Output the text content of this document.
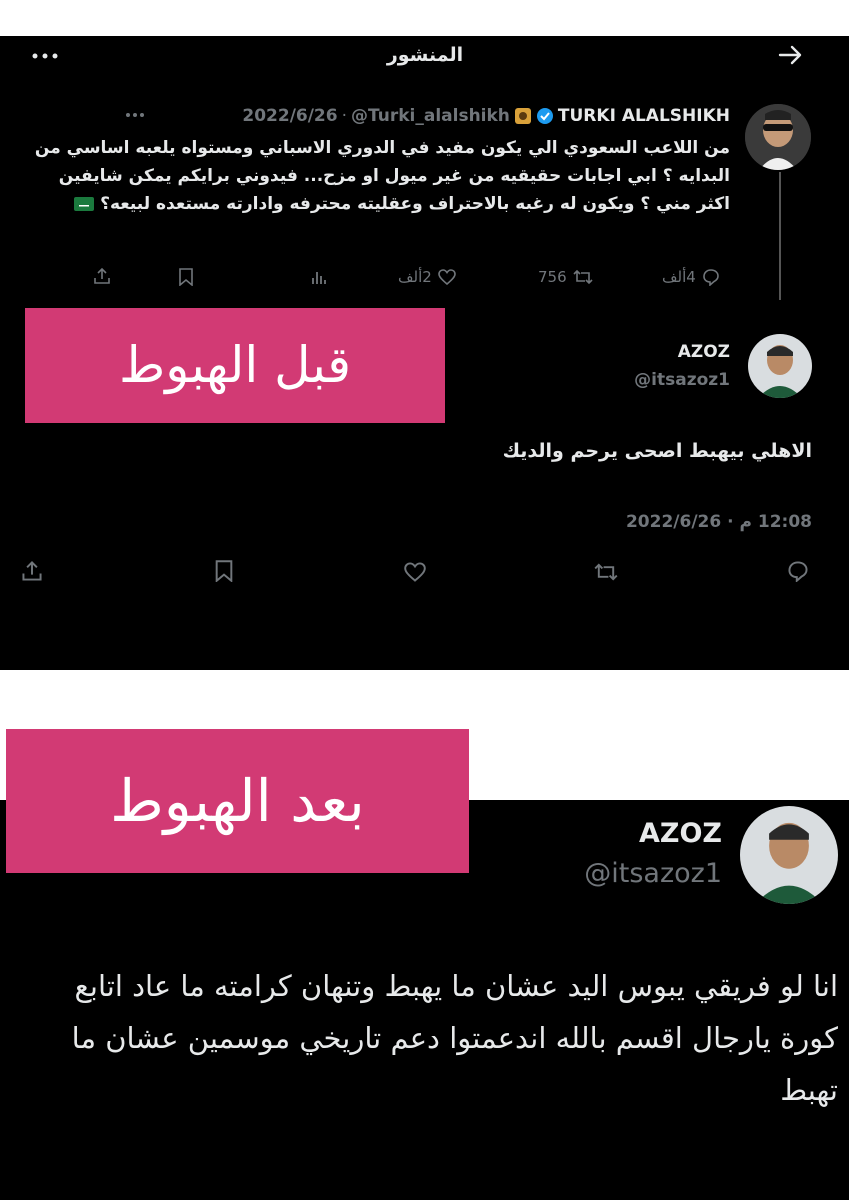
المنشور
TURKI ALALSHIKH
@Turki_alalshikh
·
2022/6/26
من اللاعب السعودي الي يكون مفيد في الدوري الاسباني ومستواه يلعبه اساسي من البدايه ؟ ابي اجابات حقيقيه من غير ميول او مزح... فيدوني برايكم يمكن شايفين اكثر مني ؟ ويكون له رغبه بالاحتراف وعقليته محترفه وادارته مستعده لبيعه؟
4ألف
756
2ألف
AZOZ
@itsazoz1
قبل الهبوط
الاهلي بيهبط اصحى يرحم والديك
12:08 م · 2022/6/26
بعد الهبوط	AZOZ
@itsazoz1
انا لو فريقي يبوس اليد عشان ما يهبط وتنهان كرامته ما عاد اتابع كورة يارجال اقسم بالله اندعمتوا دعم تاريخي موسمين عشان ما تهبط
